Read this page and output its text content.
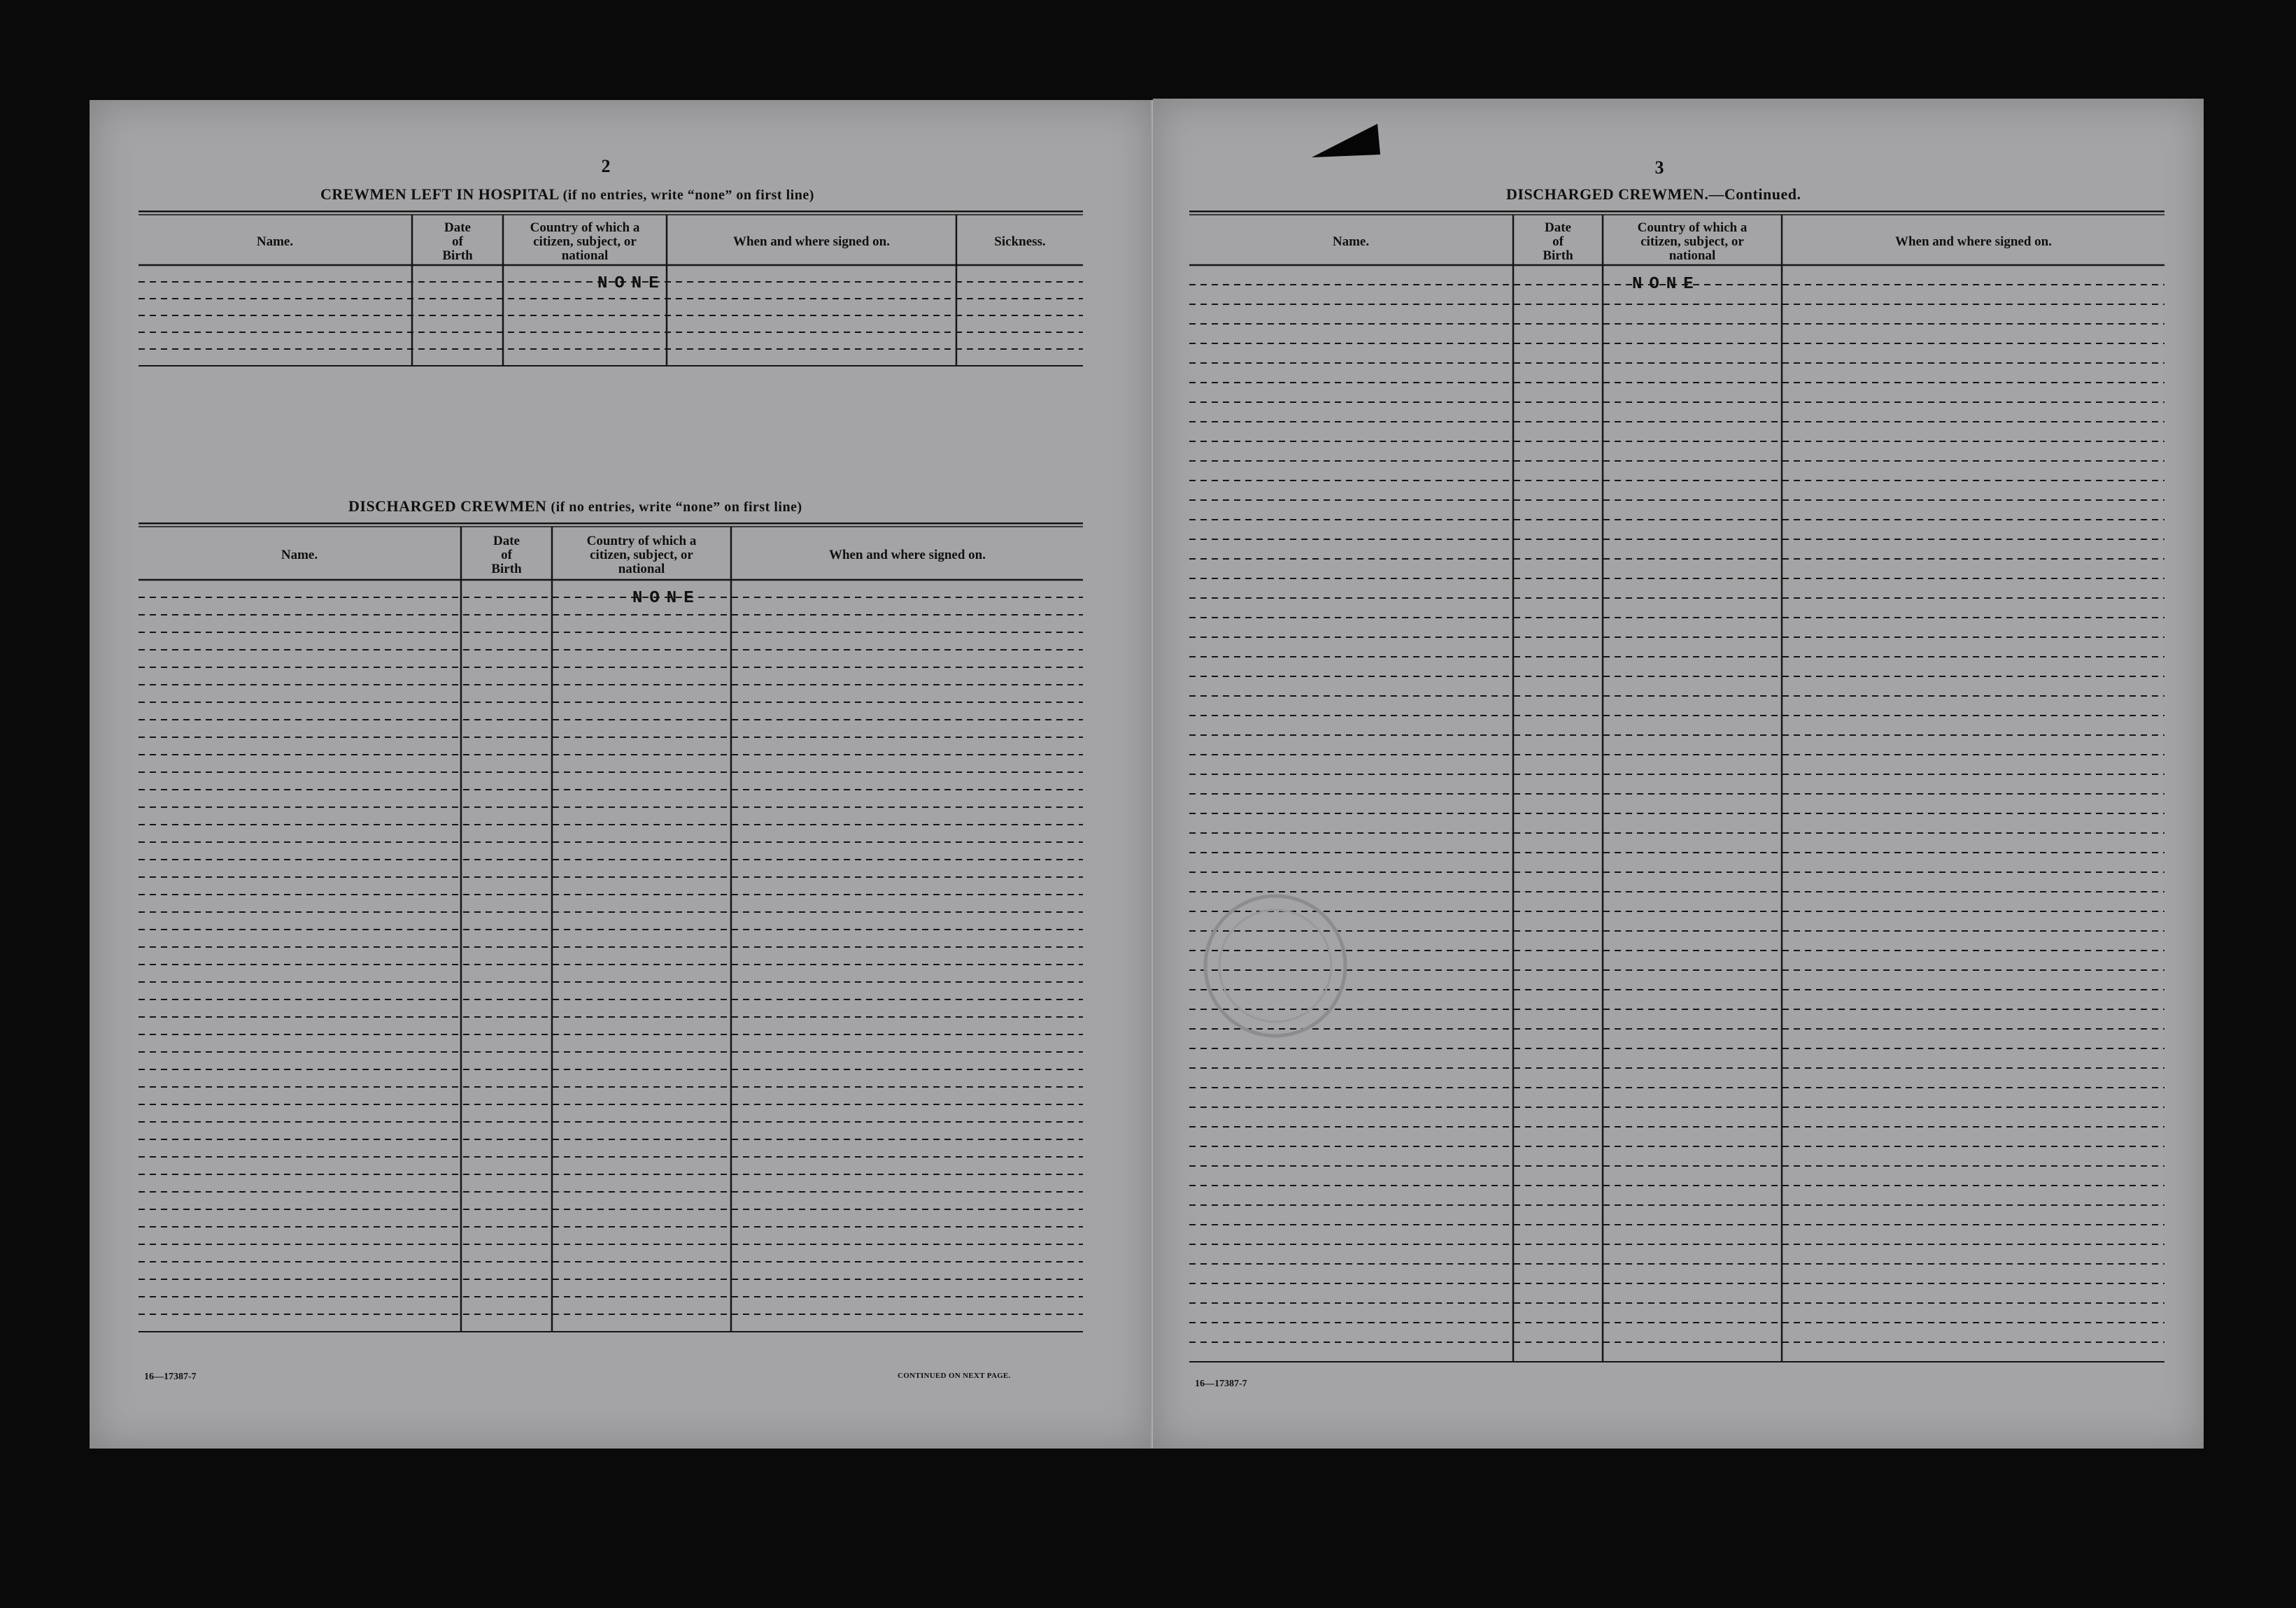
2
CREWMEN LEFT IN HOSPITAL (if no entries, write “none” on first line)
Name.
Date
of
Birth
Country of which a
citizen, subject, or
national
When and where signed on.	Sickness.
NONE
DISCHARGED CREWMEN (if no entries, write “none” on first line)
Name.
Date
of
Birth
Country of which a
citizen, subject, or
national
When and where signed on.
NONE
16—17387-7	CONTINUED ON NEXT PAGE.
3
DISCHARGED CREWMEN.—Continued.
Name.
Date
of
Birth
Country of which a
citizen, subject, or
national
When and where signed on.
NONE
16—17387-7
